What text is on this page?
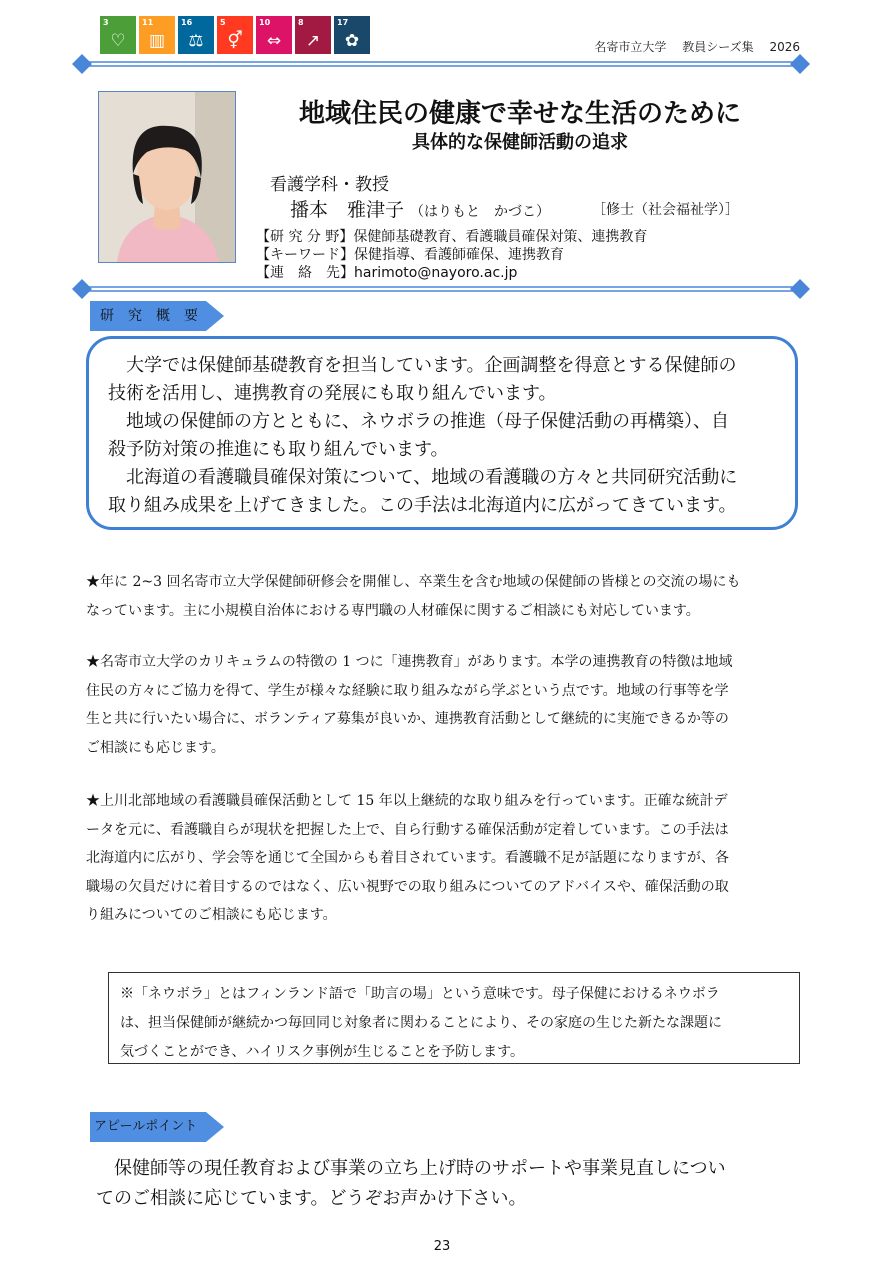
3
♡
11
▥
16
⚖
5
⚥
10
⇔
8
↗
17
✿	名寄市立大学　 教員シーズ集　 2026
地域住民の健康で幸せな生活のために
具体的な保健師活動の追求
看護学科・教授
播本　雅津子 （はりもと　かづこ）	［修士（社会福祉学）］
【研 究 分 野】保健師基礎教育、看護職員確保対策、連携教育
【キーワード】保健指導、看護師確保、連携教育
【連　絡　先】harimoto@nayoro.ac.jp
研　究　概　要
　大学では保健師基礎教育を担当しています。企画調整を得意とする保健師の
技術を活用し、連携教育の発展にも取り組んでいます。
　地域の保健師の方とともに、ネウボラの推進（母子保健活動の再構築）、自
殺予防対策の推進にも取り組んでいます。
　北海道の看護職員確保対策について、地域の看護職の方々と共同研究活動に
取り組み成果を上げてきました。この手法は北海道内に広がってきています。
★年に 2~3 回名寄市立大学保健師研修会を開催し、卒業生を含む地域の保健師の皆様との交流の場にも
なっています。主に小規模自治体における専門職の人材確保に関するご相談にも対応しています。
★名寄市立大学のカリキュラムの特徴の 1 つに「連携教育」があります。本学の連携教育の特徴は地域
住民の方々にご協力を得て、学生が様々な経験に取り組みながら学ぶという点です。地域の行事等を学
生と共に行いたい場合に、ボランティア募集が良いか、連携教育活動として継続的に実施できるか等の
ご相談にも応じます。
★上川北部地域の看護職員確保活動として 15 年以上継続的な取り組みを行っています。正確な統計デ
ータを元に、看護職自らが現状を把握した上で、自ら行動する確保活動が定着しています。この手法は
北海道内に広がり、学会等を通じて全国からも着目されています。看護職不足が話題になりますが、各
職場の欠員だけに着目するのではなく、広い視野での取り組みについてのアドバイスや、確保活動の取
り組みについてのご相談にも応じます。
※「ネウボラ」とはフィンランド語で「助言の場」という意味です。母子保健におけるネウボラ
は、担当保健師が継続かつ毎回同じ対象者に関わることにより、その家庭の生じた新たな課題に
気づくことができ、ハイリスク事例が生じることを予防します。
アピールポイント
　保健師等の現任教育および事業の立ち上げ時のサポートや事業見直しについ
てのご相談に応じています。どうぞお声かけ下さい。
23
